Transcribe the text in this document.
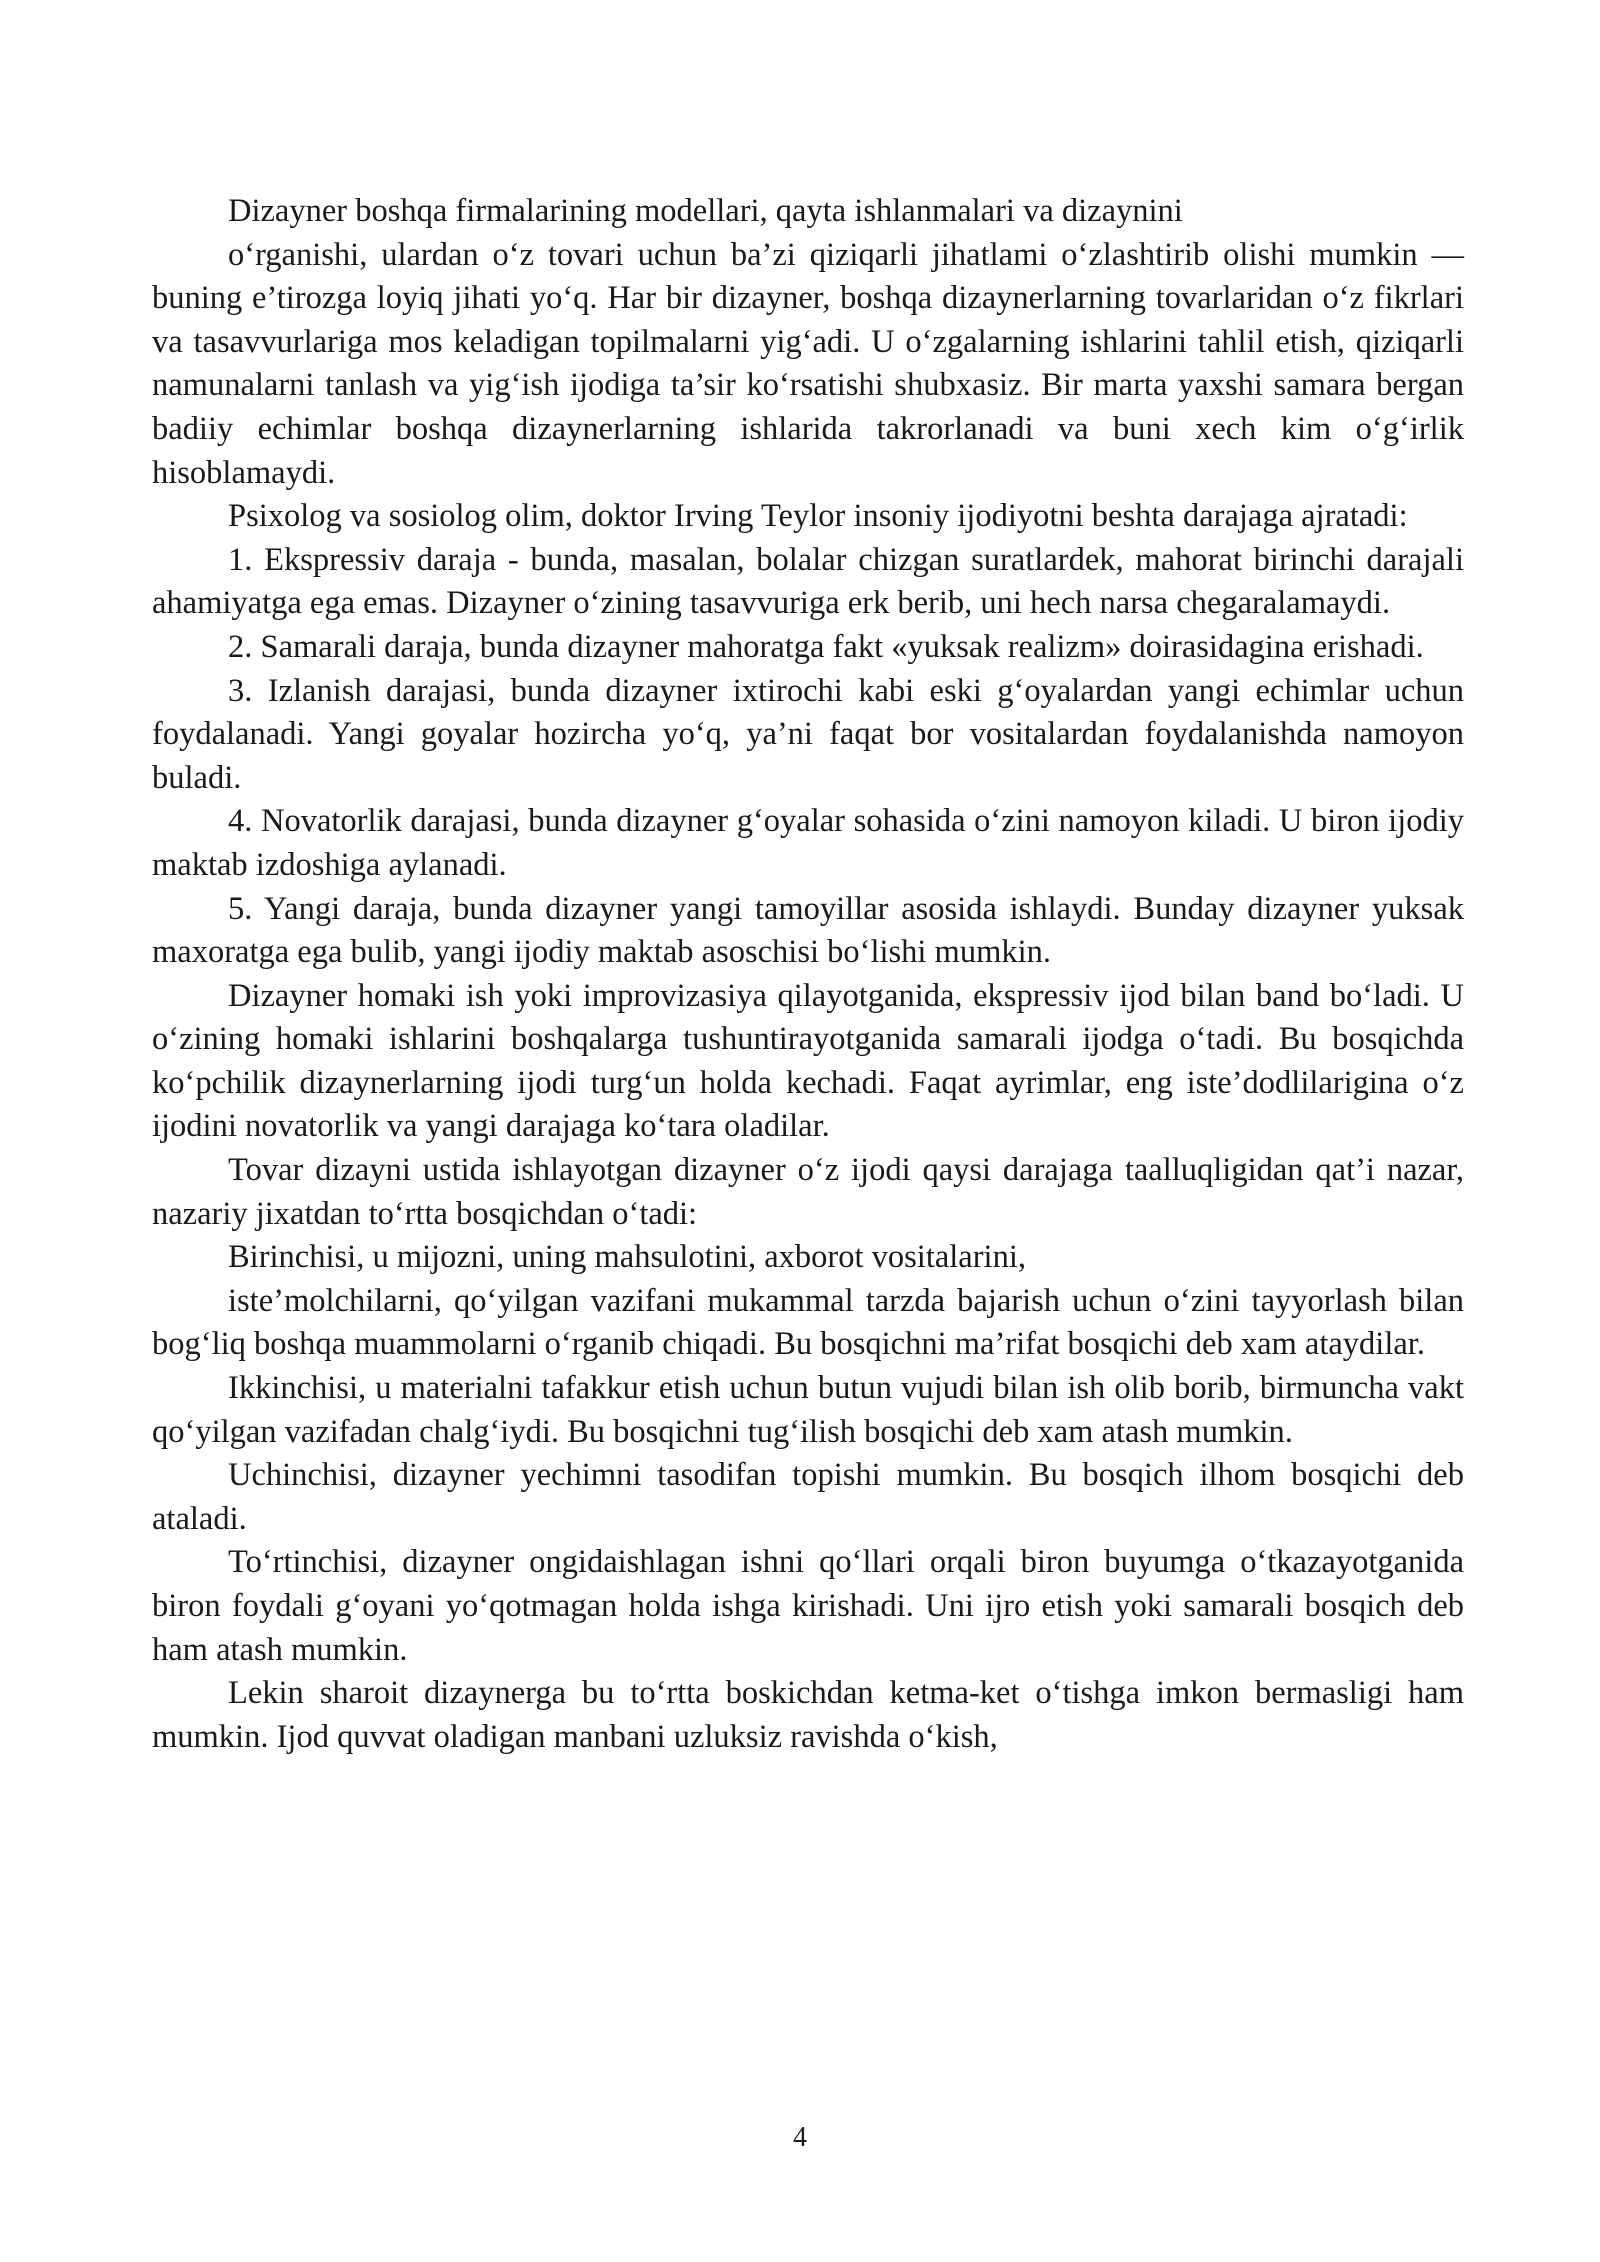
Dizayner boshqa firmalarining modellari, qayta ishlanmalari va dizaynini

o‘rganishi, ulardan o‘z tovari uchun ba’zi qiziqarli jihatlami o‘zlashtirib olishi mumkin — buning e’tirozga loyiq jihati yo‘q. Har bir dizayner, boshqa dizaynerlarning tovarlaridan o‘z fikrlari va tasavvurlariga mos keladigan topilmalarni yig‘adi. U o‘zgalarning ishlarini tahlil etish, qiziqarli namunalarni tanlash va yig‘ish ijodiga ta’sir ko‘rsatishi shubxasiz. Bir marta yaxshi samara bergan badiiy echimlar boshqa dizaynerlarning ishlarida takrorlanadi va buni xech kim o‘g‘irlik hisoblamaydi.

Psixolog va sosiolog olim, doktor Irving Teylor insoniy ijodiyotni beshta darajaga ajratadi:

1. Ekspressiv daraja - bunda, masalan, bolalar chizgan suratlardek, mahorat birinchi darajali ahamiyatga ega emas. Dizayner o‘zining tasavvuriga erk berib, uni hech narsa chegaralamaydi.

2. Samarali daraja, bunda dizayner mahoratga fakt «yuksak realizm» doirasidagina erishadi.

3. Izlanish darajasi, bunda dizayner ixtirochi kabi eski g‘oyalardan yangi echimlar uchun foydalanadi. Yangi goyalar hozircha yo‘q, ya’ni faqat bor vositalardan foydalanishda namoyon buladi.

4. Novatorlik darajasi, bunda dizayner g‘oyalar sohasida o‘zini namoyon kiladi. U biron ijodiy maktab izdoshiga aylanadi.

5. Yangi daraja, bunda dizayner yangi tamoyillar asosida ishlaydi. Bunday dizayner yuksak maxoratga ega bulib, yangi ijodiy maktab asoschisi bo‘lishi mumkin.

Dizayner homaki ish yoki improvizasiya qilayotganida, ekspressiv ijod bilan band bo‘ladi. U o‘zining homaki ishlarini boshqalarga tushuntirayotganida samarali ijodga o‘tadi. Bu bosqichda ko‘pchilik dizaynerlarning ijodi turg‘un holda kechadi. Faqat ayrimlar, eng iste’dodlilarigina o‘z ijodini novatorlik va yangi darajaga ko‘tara oladilar.

Tovar dizayni ustida ishlayotgan dizayner o‘z ijodi qaysi darajaga taalluqligidan qat’i nazar, nazariy jixatdan to‘rtta bosqichdan o‘tadi:

Birinchisi, u mijozni, uning mahsulotini, axborot vositalarini,

iste’molchilarni, qo‘yilgan vazifani mukammal tarzda bajarish uchun o‘zini tayyorlash bilan bog‘liq boshqa muammolarni o‘rganib chiqadi. Bu bosqichni ma’rifat bosqichi deb xam ataydilar.

Ikkinchisi, u materialni tafakkur etish uchun butun vujudi bilan ish olib borib, birmuncha vakt qo‘yilgan vazifadan chalg‘iydi. Bu bosqichni tug‘ilish bosqichi deb xam atash mumkin.

Uchinchisi, dizayner yechimni tasodifan topishi mumkin. Bu bosqich ilhom bosqichi deb ataladi.

To‘rtinchisi, dizayner ongidaishlagan ishni qo‘llari orqali biron buyumga o‘tkazayotganida biron foydali g‘oyani yo‘qotmagan holda ishga kirishadi. Uni ijro etish yoki samarali bosqich deb ham atash mumkin.

Lekin sharoit dizaynerga bu to‘rtta boskichdan ketma-ket o‘tishga imkon bermasligi ham mumkin. Ijod quvvat oladigan manbani uzluksiz ravishda o‘kish,

4
